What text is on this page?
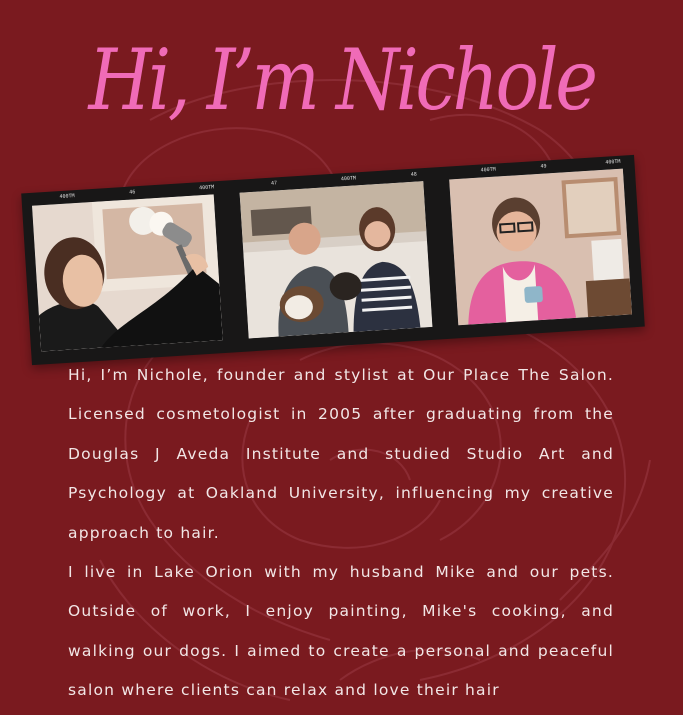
Hi, I’m Nichole
400TM
46
400TM
47
400TM
48
400TM
49
400TM

Hi, I’m Nichole, founder and stylist at Our Place The Salon. Licensed cosmetologist in 2005 after graduating from the Douglas J Aveda Institute and studied Studio Art and Psychology at Oakland University, influencing my creative approach to hair.

I live in Lake Orion with my husband Mike and our pets. Outside of work, I enjoy painting, Mike's cooking, and walking our dogs. I aimed to create a personal and peaceful salon where clients can relax and love their hair
